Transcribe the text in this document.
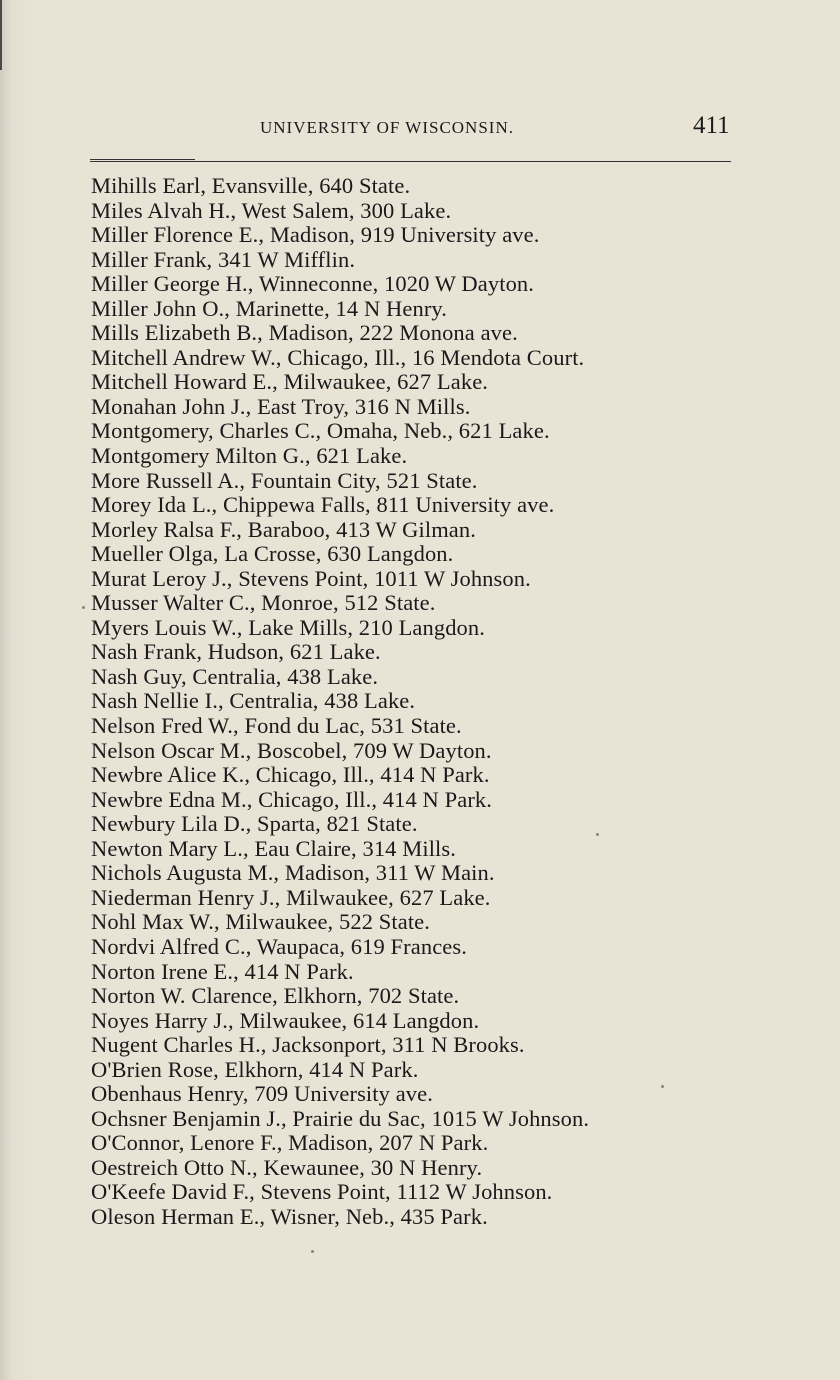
UNIVERSITY OF WISCONSIN.	411
Mihills Earl, Evansville, 640 State.
Miles Alvah H., West Salem, 300 Lake.
Miller Florence E., Madison, 919 University ave.
Miller Frank, 341 W Mifflin.
Miller George H., Winneconne, 1020 W Dayton.
Miller John O., Marinette, 14 N Henry.
Mills Elizabeth B., Madison, 222 Monona ave.
Mitchell Andrew W., Chicago, Ill., 16 Mendota Court.
Mitchell Howard E., Milwaukee, 627 Lake.
Monahan John J., East Troy, 316 N Mills.
Montgomery, Charles C., Omaha, Neb., 621 Lake.
Montgomery Milton G., 621 Lake.
More Russell A., Fountain City, 521 State.
Morey Ida L., Chippewa Falls, 811 University ave.
Morley Ralsa F., Baraboo, 413 W Gilman.
Mueller Olga, La Crosse, 630 Langdon.
Murat Leroy J., Stevens Point, 1011 W Johnson.
Musser Walter C., Monroe, 512 State.
Myers Louis W., Lake Mills, 210 Langdon.
Nash Frank, Hudson, 621 Lake.
Nash Guy, Centralia, 438 Lake.
Nash Nellie I., Centralia, 438 Lake.
Nelson Fred W., Fond du Lac, 531 State.
Nelson Oscar M., Boscobel, 709 W Dayton.
Newbre Alice K., Chicago, Ill., 414 N Park.
Newbre Edna M., Chicago, Ill., 414 N Park.
Newbury Lila D., Sparta, 821 State.
Newton Mary L., Eau Claire, 314 Mills.
Nichols Augusta M., Madison, 311 W Main.
Niederman Henry J., Milwaukee, 627 Lake.
Nohl Max W., Milwaukee, 522 State.
Nordvi Alfred C., Waupaca, 619 Frances.
Norton Irene E., 414 N Park.
Norton W. Clarence, Elkhorn, 702 State.
Noyes Harry J., Milwaukee, 614 Langdon.
Nugent Charles H., Jacksonport, 311 N Brooks.
O'Brien Rose, Elkhorn, 414 N Park.
Obenhaus Henry, 709 University ave.
Ochsner Benjamin J., Prairie du Sac, 1015 W Johnson.
O'Connor, Lenore F., Madison, 207 N Park.
Oestreich Otto N., Kewaunee, 30 N Henry.
O'Keefe David F., Stevens Point, 1112 W Johnson.
Oleson Herman E., Wisner, Neb., 435 Park.
